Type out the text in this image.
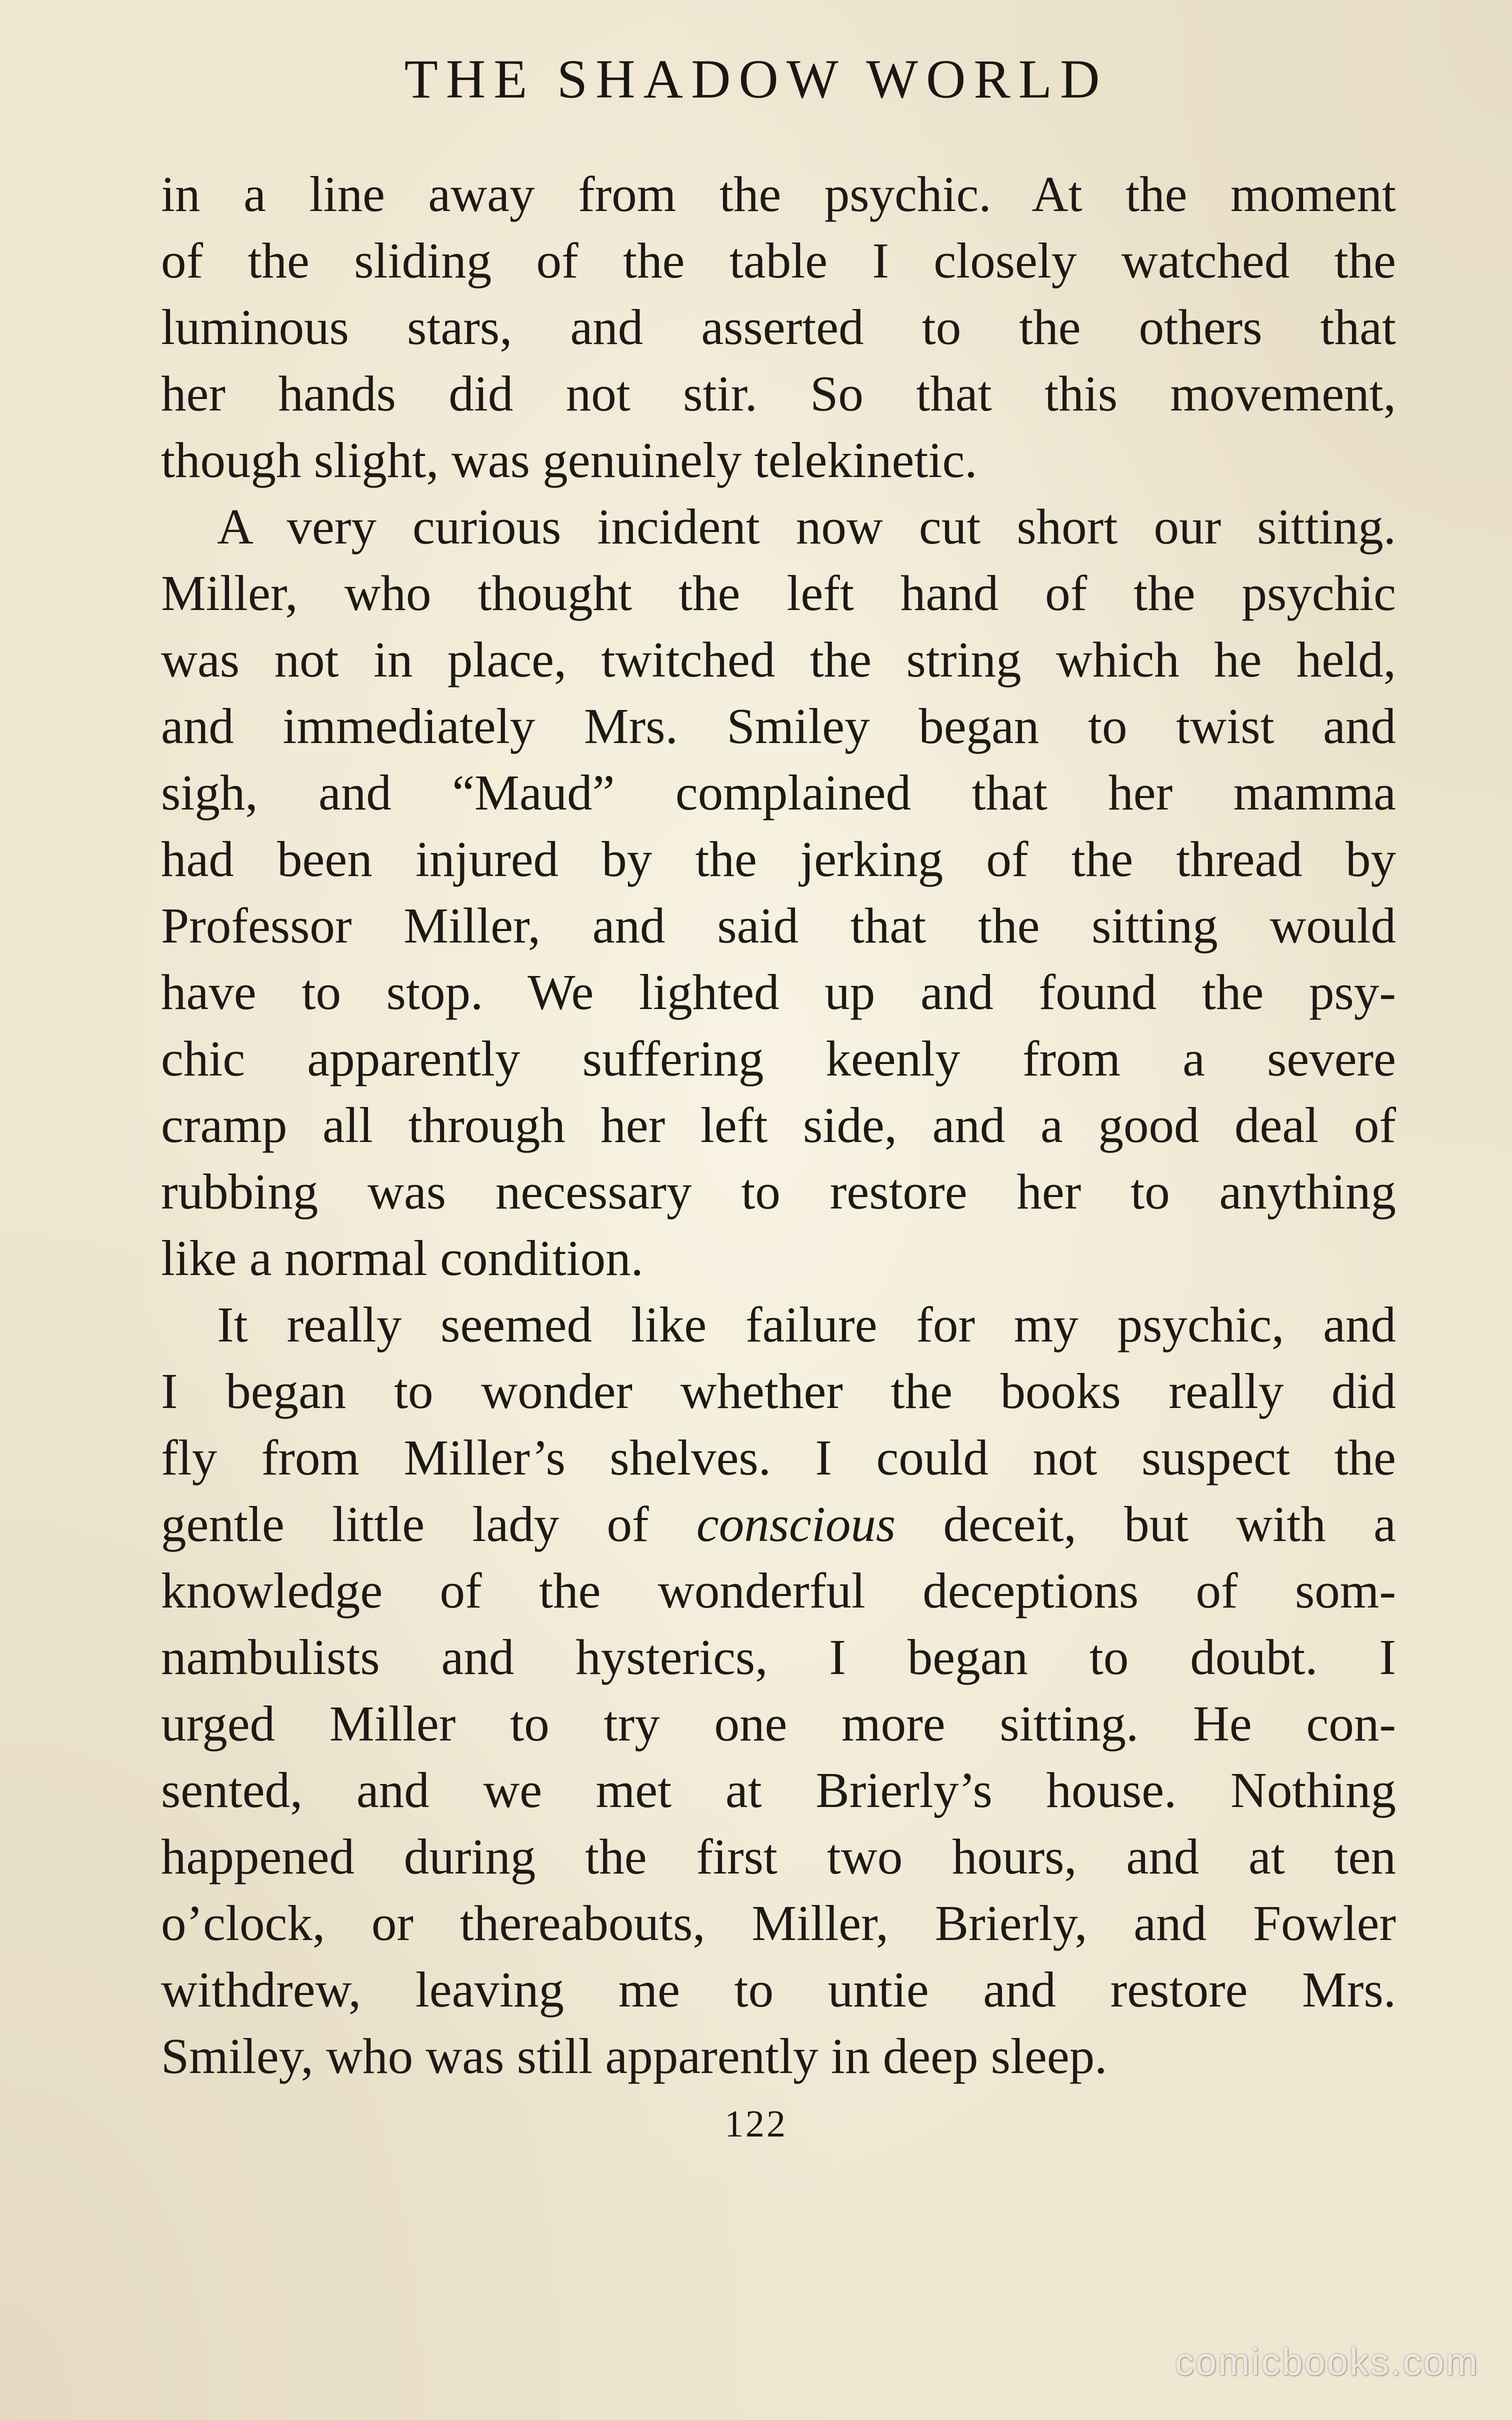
THE SHADOW WORLD
in a line away from the psychic. At the moment
of the sliding of the table I closely watched the
luminous stars, and asserted to the others that
her hands did not stir. So that this movement,
though slight, was genuinely telekinetic.
A very curious incident now cut short our sitting.
Miller, who thought the left hand of the psychic
was not in place, twitched the string which he held,
and immediately Mrs. Smiley began to twist and
sigh, and “Maud” complained that her mamma
had been injured by the jerking of the thread by
Professor Miller, and said that the sitting would
have to stop. We lighted up and found the psy-
chic apparently suffering keenly from a severe
cramp all through her left side, and a good deal of
rubbing was necessary to restore her to anything
like a normal condition.
It really seemed like failure for my psychic, and
I began to wonder whether the books really did
fly from Miller’s shelves. I could not suspect the
gentle little lady of conscious deceit, but with a
knowledge of the wonderful deceptions of som-
nambulists and hysterics, I began to doubt. I
urged Miller to try one more sitting. He con-
sented, and we met at Brierly’s house. Nothing
happened during the first two hours, and at ten
o’clock, or thereabouts, Miller, Brierly, and Fowler
withdrew, leaving me to untie and restore Mrs.
Smiley, who was still apparently in deep sleep.
122
comicbooks.com
